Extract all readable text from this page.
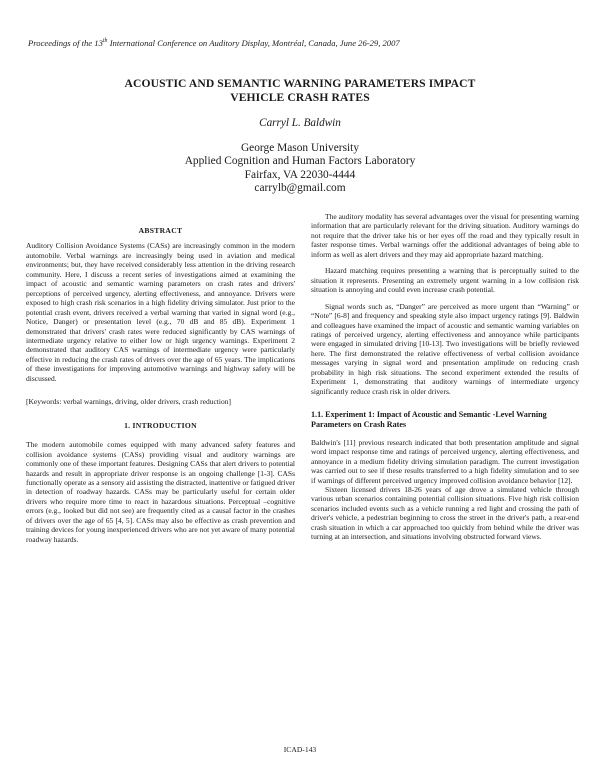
Proceedings of the 13th International Conference on Auditory Display, Montréal, Canada, June 26-29, 2007
ACOUSTIC AND SEMANTIC WARNING PARAMETERS IMPACT
VEHICLE CRASH RATES
Carryl L. Baldwin
George Mason University
Applied Cognition and Human Factors Laboratory
Fairfax, VA 22030-4444
carrylb@gmail.com
ABSTRACT

Auditory Collision Avoidance Systems (CASs) are increasingly common in the modern automobile. Verbal warnings are increasingly being used in aviation and medical environments; but, they have received considerably less attention in the driving research community. Here, I discuss a recent series of investigations aimed at examining the impact of acoustic and semantic warning parameters on crash rates and drivers' perceptions of perceived urgency, alerting effectiveness, and annoyance. Drivers were exposed to high crash risk scenarios in a high fidelity driving simulator. Just prior to the potential crash event, drivers received a verbal warning that varied in signal word (e.g., Notice, Danger) or presentation level (e.g., 70 dB and 85 dB). Experiment 1 demonstrated that drivers' crash rates were reduced significantly by CAS warnings of intermediate urgency relative to either low or high urgency warnings. Experiment 2 demonstrated that auditory CAS warnings of intermediate urgency were particularly effective in reducing the crash rates of drivers over the age of 65 years. The implications of these investigations for improving automotive warnings and highway safety will be discussed.

[Keywords: verbal warnings, driving, older drivers, crash reduction]

1. INTRODUCTION

The modern automobile comes equipped with many advanced safety features and collision avoidance systems (CASs) providing visual and auditory warnings are commonly one of these important features. Designing CASs that alert drivers to potential hazards and result in appropriate driver response is an ongoing challenge [1-3]. CASs functionally operate as a sensory aid assisting the distracted, inattentive or fatigued driver in detection of roadway hazards. CASs may be particularly useful for certain older drivers who require more time to react in hazardous situations. Perceptual –cognitive errors (e.g., looked but did not see) are frequently cited as a causal factor in the crashes of drivers over the age of 65 [4, 5]. CASs may also be effective as crash prevention and training devices for young inexperienced drivers who are not yet aware of many potential roadway hazards.

The auditory modality has several advantages over the visual for presenting warning information that are particularly relevant for the driving situation. Auditory warnings do not require that the driver take his or her eyes off the road and they typically result in faster response times. Verbal warnings offer the additional advantages of being able to inform as well as alert drivers and they may aid appropriate hazard matching.

Hazard matching requires presenting a warning that is perceptually suited to the situation it represents. Presenting an extremely urgent warning in a low collision risk situation is annoying and could even increase crash potential.

Signal words such as, “Danger” are perceived as more urgent than “Warning” or “Note” [6-8] and frequency and speaking style also impact urgency ratings [9]. Baldwin and colleagues have examined the impact of acoustic and semantic warning variables on ratings of perceived urgency, alerting effectiveness and annoyance while participants were engaged in simulated driving [10-13]. Two investigations will be briefly reviewed here. The first demonstrated the relative effectiveness of verbal collision avoidance messages varying in signal word and presentation amplitude on reducing crash probability in high risk situations. The second experiment extended the results of Experiment 1, demonstrating that auditory warnings of intermediate urgency significantly reduce crash risk in older drivers.

1.1. Experiment 1: Impact of Acoustic and Semantic -Level Warning Parameters on Crash Rates

Baldwin's [11] previous research indicated that both presentation amplitude and signal word impact response time and ratings of perceived urgency, alerting effectiveness, and annoyance in a medium fidelity driving simulation paradigm. The current investigation was carried out to see if these results transferred to a high fidelity simulation and to see if warnings of different perceived urgency improved collision avoidance behavior [12].

Sixteen licensed drivers 18-26 years of age drove a simulated vehicle through various urban scenarios containing potential collision situations. Five high risk collision scenarios included events such as a vehicle running a red light and crossing the path of driver's vehicle, a pedestrian beginning to cross the street in the driver's path, a rear-end crash situation in which a car approached too quickly from behind while the driver was turning at an intersection, and situations involving obstructed forward views.

ICAD-143
